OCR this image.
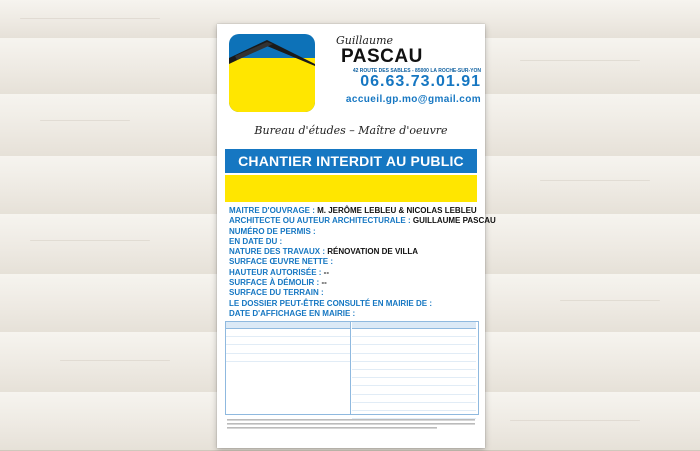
Guillaume
PASCAU
42 ROUTE DES SABLES - 85000 LA ROCHE-SUR-YON
06.63.73.01.91
accueil.gp.mo@gmail.com
Bureau d'études – Maître d'oeuvre
CHANTIER INTERDIT AU PUBLIC
MAITRE D'OUVRAGE : M. JERÔME LEBLEU & NICOLAS LEBLEU
ARCHITECTE OU AUTEUR ARCHITECTURALE : GUILLAUME PASCAU
NUMÉRO DE PERMIS :
EN DATE DU :
NATURE DES TRAVAUX : RÉNOVATION DE VILLA
SURFACE ŒUVRE NETTE :
HAUTEUR AUTORISÉE : --
SURFACE À DÉMOLIR : --
SURFACE DU TERRAIN :
LE DOSSIER PEUT-ÊTRE CONSULTÉ EN MAIRIE DE :
DATE D'AFFICHAGE EN MAIRIE :
